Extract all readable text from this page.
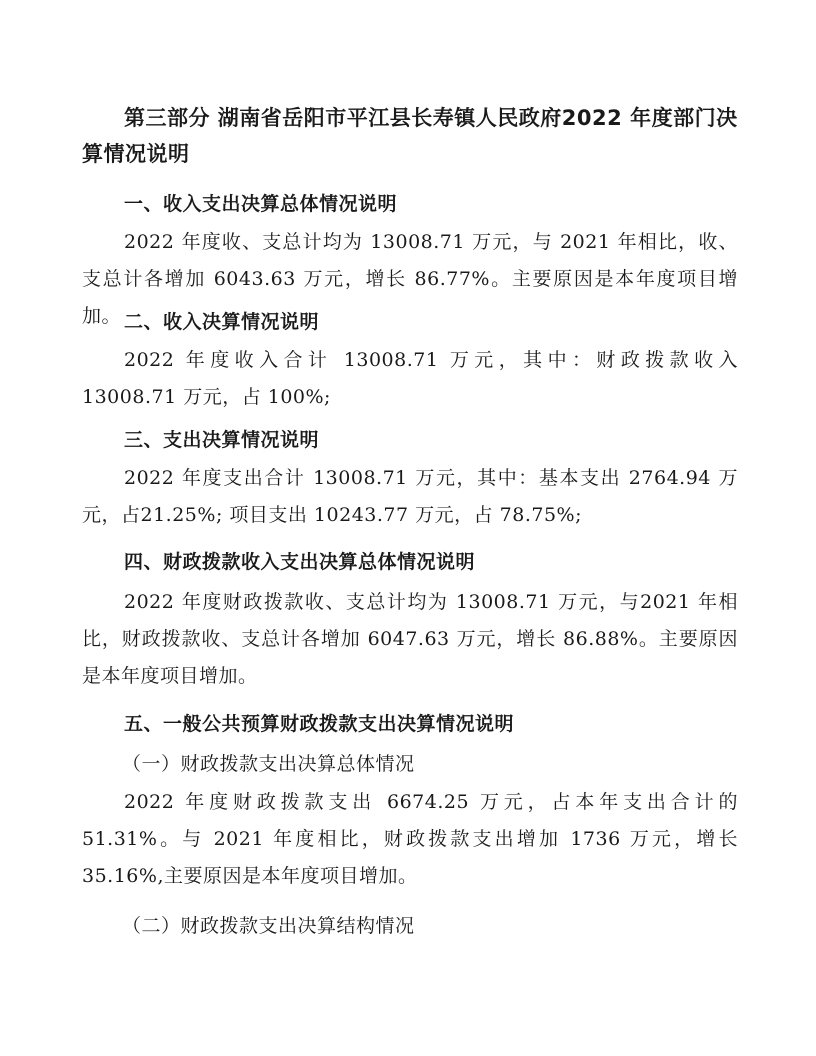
第三部分 湖南省岳阳市平江县长寿镇人民政府2022 年度部门决算情况说明
一、收入支出决算总体情况说明
2022 年度收、支总计均为 13008.71 万元，与 2021 年相比，收、支总计各增加 6043.63 万元，增长 86.77%。主要原因是本年度项目增加。 二、收入决算情况说明
2022 年度收入合计 13008.71 万元，其中：财政拨款收入 13008.71 万元，占 100%;
三、支出决算情况说明
2022 年度支出合计 13008.71 万元，其中：基本支出 2764.94 万元，占21.25%; 项目支出 10243.77 万元，占 78.75%;
四、财政拨款收入支出决算总体情况说明
2022 年度财政拨款收、支总计均为 13008.71 万元，与2021 年相比，财政拨款收、支总计各增加 6047.63 万元，增长 86.88%。主要原因是本年度项目增加。
五、一般公共预算财政拨款支出决算情况说明
（一）财政拨款支出决算总体情况
2022 年度财政拨款支出 6674.25 万元，占本年支出合计的 51.31%。与 2021 年度相比，财政拨款支出增加 1736 万元，增长 35.16%,主要原因是本年度项目增加。
（二）财政拨款支出决算结构情况
